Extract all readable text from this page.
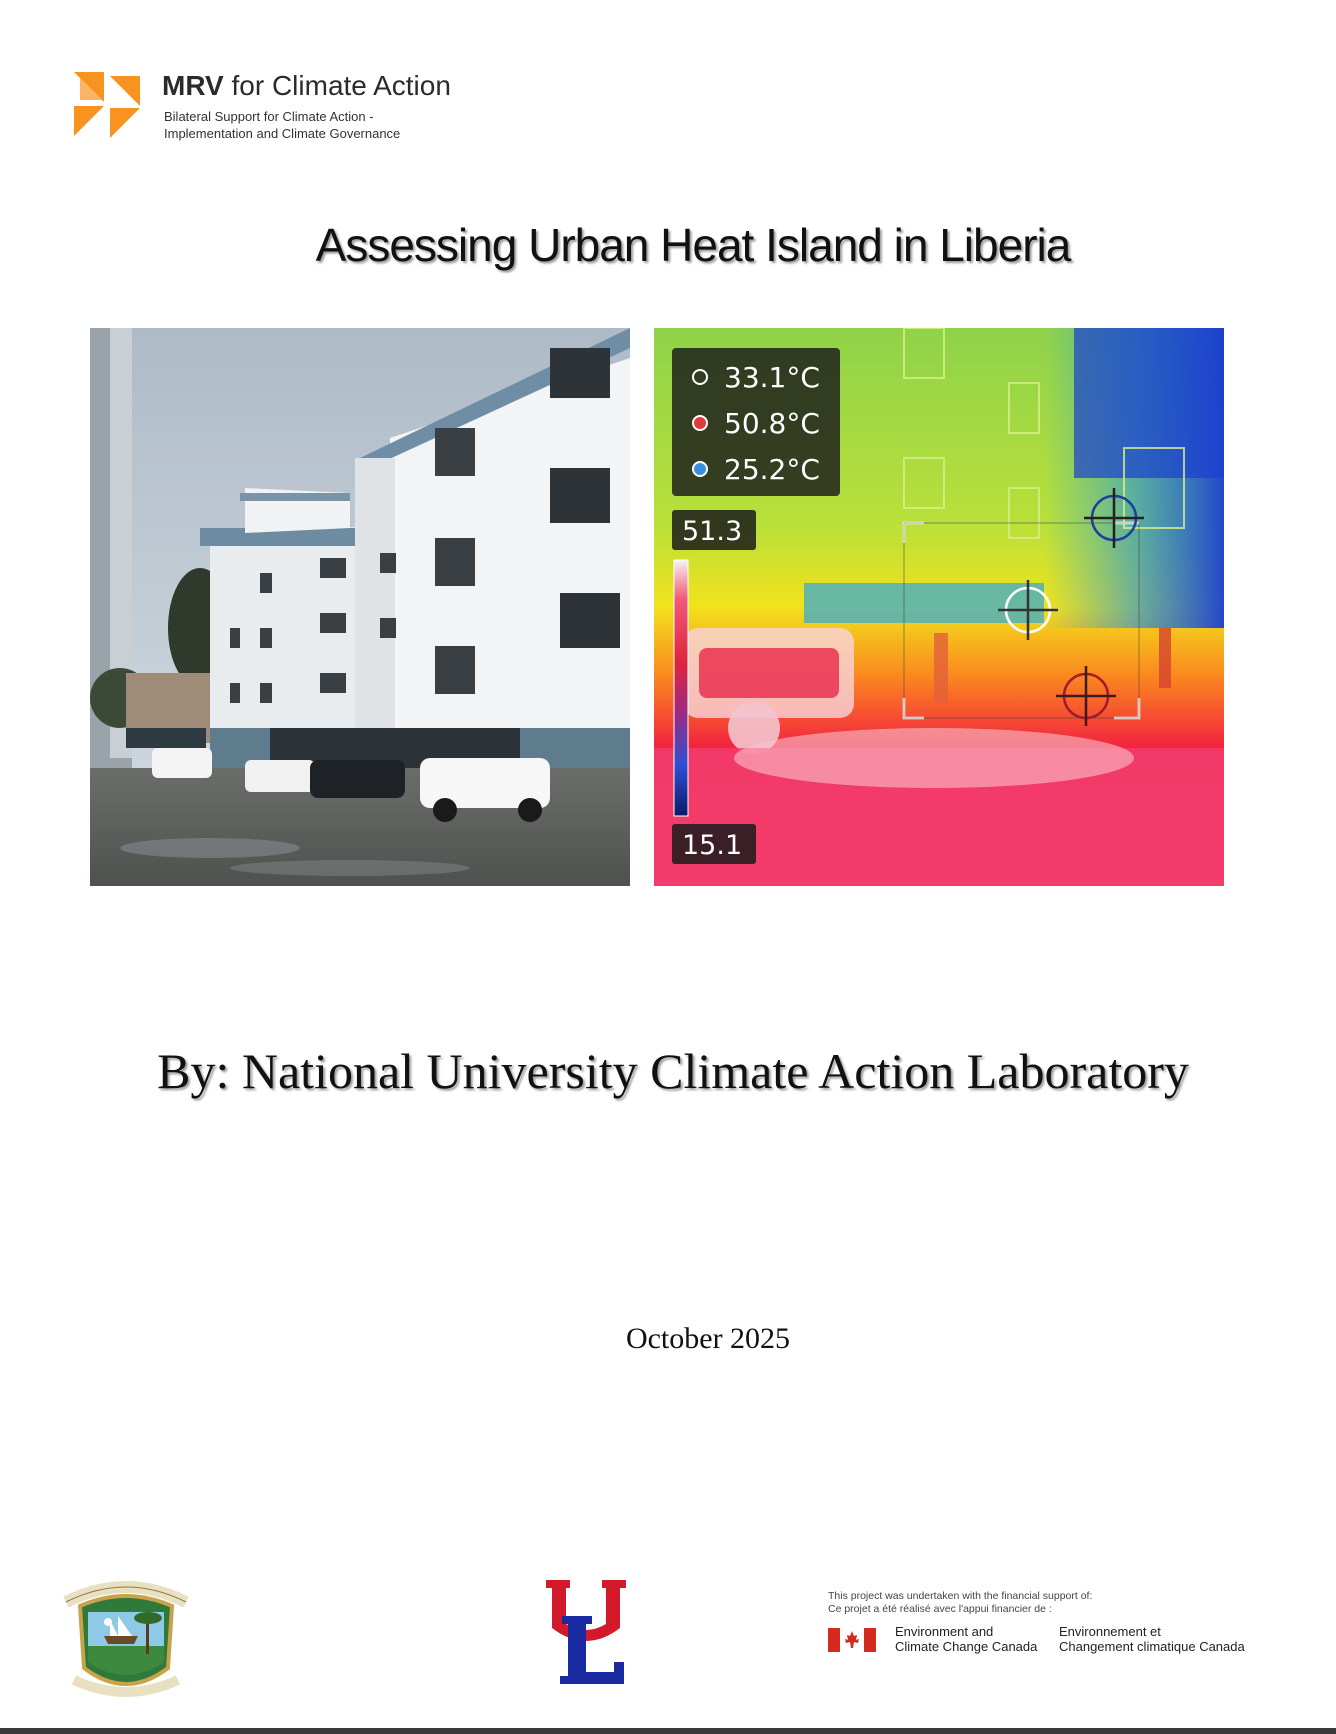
MRV for Climate Action
Bilateral Support for Climate Action -
Implementation and Climate Governance
Assessing Urban Heat Island in Liberia
33.1°C
50.8°C
25.2°C
51.3
15.1
By: National University Climate Action Laboratory
October 2025
This project was undertaken with the financial support of:
Ce projet a été réalisé avec l'appui financier de :
Environment and
Climate Change Canada
Environnement et
Changement climatique Canada
